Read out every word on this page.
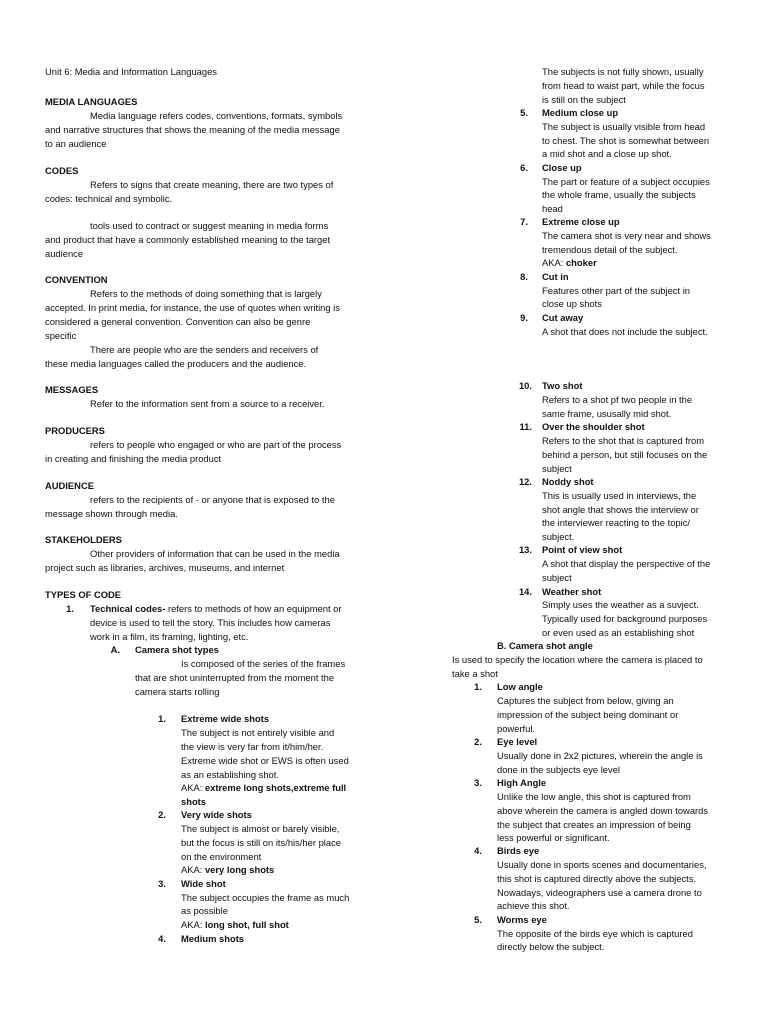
Unit 6: Media and Information Languages
MEDIA LANGUAGES
Media language refers codes, conventions, formats, symbols
and narrative structures that shows the meaning of the media message
to an audience
CODES
Refers to signs that create meaning, there are two types of
codes: technical and symbolic.
tools used to contract or suggest meaning in media forms
and product that have a commonly established meaning to the target
audience
CONVENTION
Refers to the methods of doing something that is largely
accepted. In print media, for instance, the use of quotes when writing is
considered a general convention. Convention can also be genre
specific
There are people who are the senders and receivers of
these media languages called the producers and the audience.
MESSAGES
Refer to the information sent from a source to a receiver.
PRODUCERS
refers to people who engaged or who are part of the process
in creating and finishing the media product
AUDIENCE
refers to the recipients of - or anyone that is exposed to the
message shown through media.
STAKEHOLDERS
Other providers of information that can be used in the media
project such as libraries, archives, museums, and internet
TYPES OF CODE
1. Technical codes- refers to methods of how an equipment or
device is used to tell the story. This includes how cameras
work in a film, its framing, lighting, etc.
A. Camera shot types
Is composed of the series of the frames
that are shot uninterrupted from the moment the
camera starts rolling
1. Extreme wide shots
The subject is not entirely visible and
the view is very far from it/him/her.
Extreme wide shot or EWS is often used
as an establishing shot.
AKA: extreme long shots,extreme full
shots
2. Very wide shots
The subject is almost or barely visible,
but the focus is still on its/his/her place
on the environment
AKA: very long shots
3. Wide shot
The subject occupies the frame as much
as possible
AKA: long shot, full shot
4. Medium shots
The subjects is not fully shown, usually
from head to waist part, while the focus
is still on the subject
5. Medium close up
The subject is usually visible from head
to chest. The shot is somewhat between
a mid shot and a close up shot.
6. Close up
The part or feature of a subject occupies
the whole frame, usually the subjects
head
7. Extreme close up
The camera shot is very near and shows
tremendous detail of the subject.
AKA: choker
8. Cut in
Features other part of the subject in
close up shots
9. Cut away
A shot that does not include the subject.
10. Two shot
Refers to a shot pf two people in the
same frame, ususally mid shot.
11. Over the shoulder shot
Refers to the shot that is captured from
behind a person, but still focuses on the
subject
12. Noddy shot
This is usually used in interviews, the
shot angle that shows the interview or
the interviewer reacting to the topic/
subject.
13. Point of view shot
A shot that display the perspective of the
subject
14. Weather shot
Simply uses the weather as a suvject.
Typically used for background purposes
or even used as an establishing shot
B. Camera shot angle
Is used to specify the location where the camera is placed to
take a shot
1. Low angle
Captures the subject from below, giving an
impression of the subject being dominant or
powerful.
2. Eye level
Usually done in 2x2 pictures, wherein the angle is
done in the subjects eye level
3. High Angle
Unlike the low angle, this shot is captured from
above wherein the camera is angled down towards
the subject that creates an impression of being
less powerful or significant.
4. Birds eye
Usually done in sports scenes and documentaries,
this shot is captured directly above the subjects.
Nowadays, videographers use a camera drone to
achieve this shot.
5. Worms eye
The opposite of the birds eye which is captured
directly below the subject.
